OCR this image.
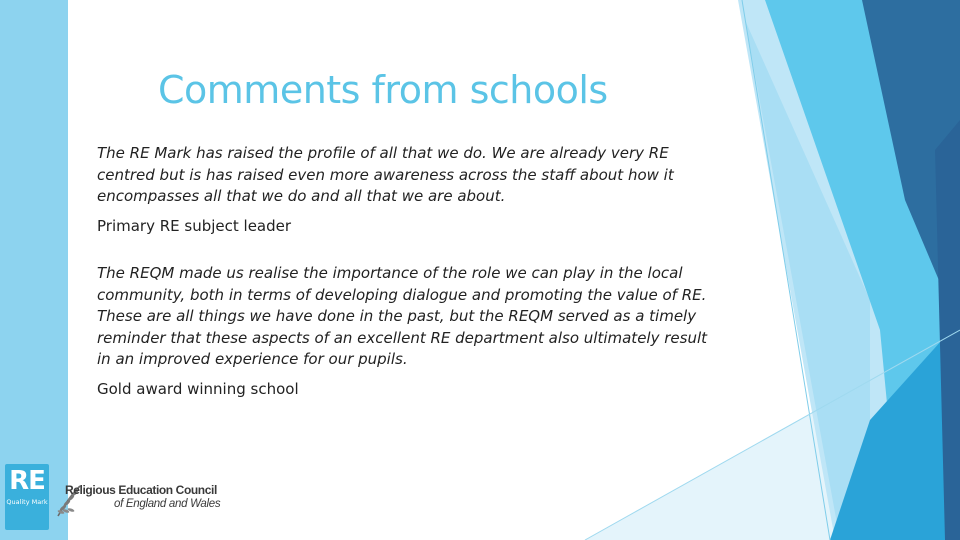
Comments from schools

The RE Mark has raised the profile of all that we do. We are already very RE centred but is has raised even more awareness across the staff about how it encompasses all that we do and all that we are about.

Primary RE subject leader

The REQM made us realise the importance of the role we can play in the local community, both in terms of developing dialogue and promoting the value of RE. These are all things we have done in the past, but the REQM served as a timely reminder that these aspects of an excellent RE department also ultimately result in an improved experience for our pupils.

Gold award winning school

RE
Quality Mark
Religious Education Council
of England and Wales
